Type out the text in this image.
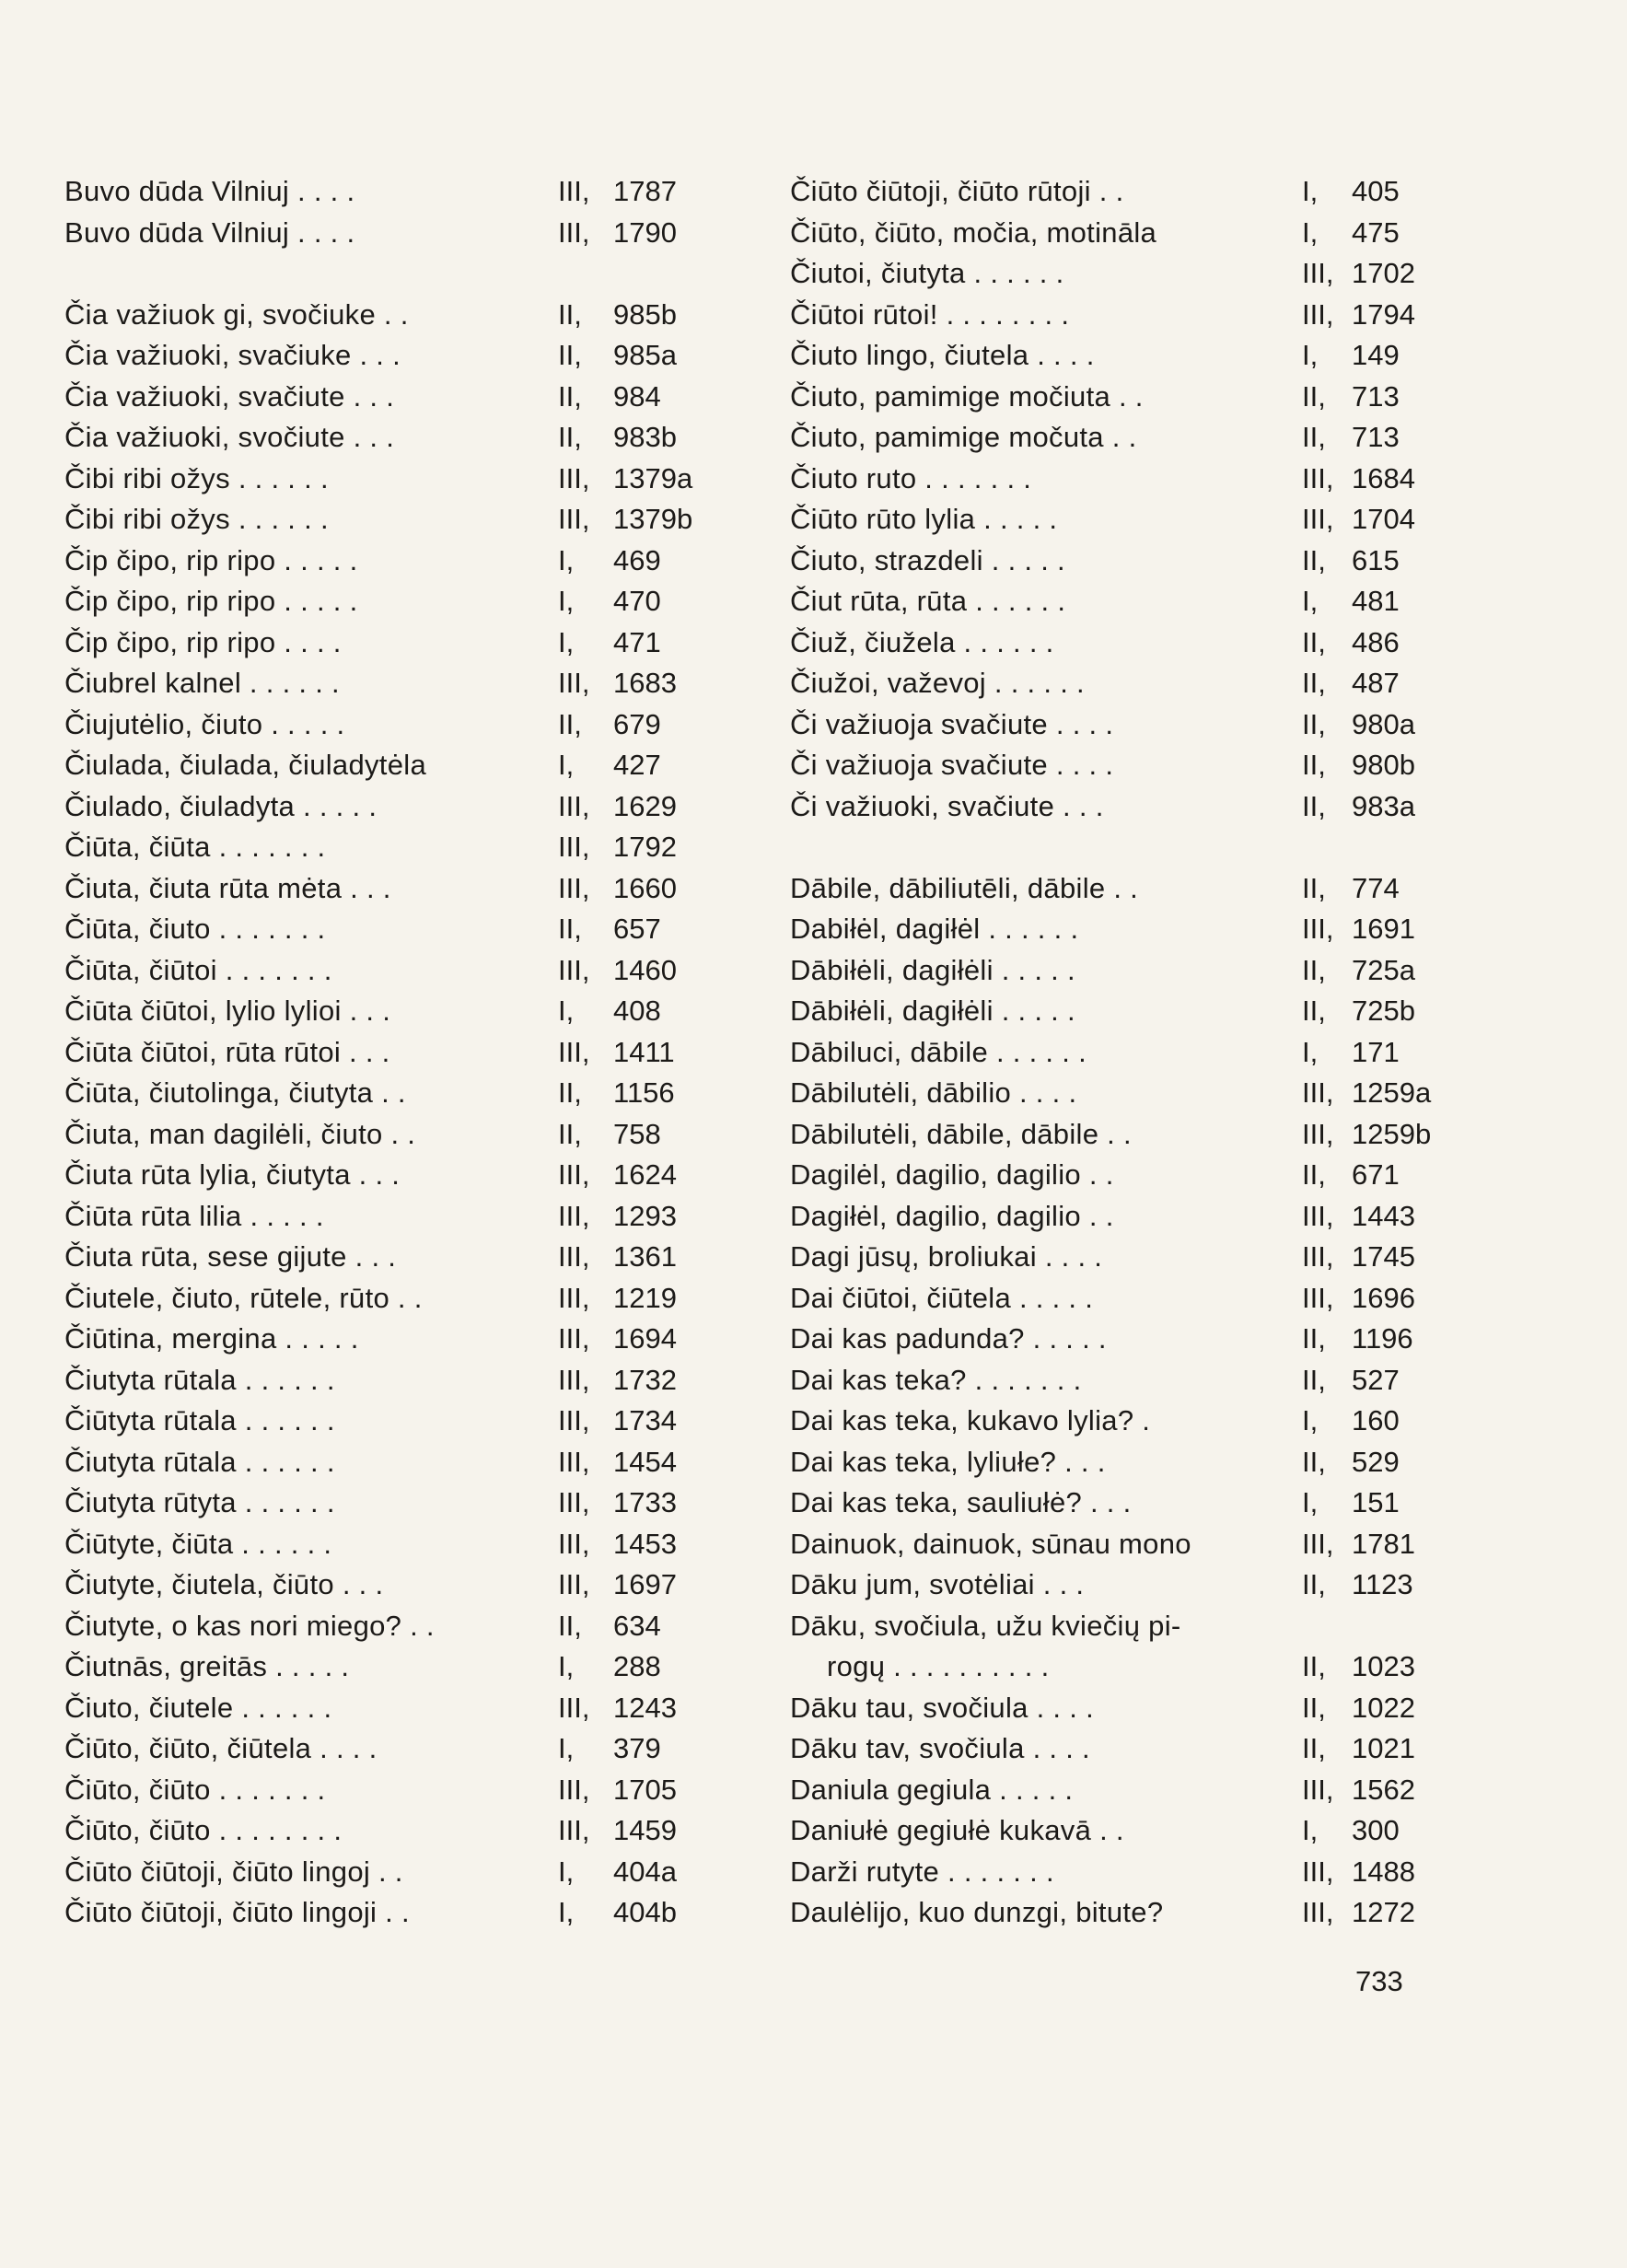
Buvo dūda Vilniuj . . . .	III, 1787
Buvo dūda Vilniuj . . . .	III, 1790
Čia važiuok gi, svočiuke . .	II, 985b
Čia važiuoki, svačiuke . . .	II, 985a
Čia važiuoki, svačiute . . .	II, 984
Čia važiuoki, svočiute . . .	II, 983b
Čibi ribi ožys . . . . . .	III, 1379a
Čibi ribi ožys . . . . . .	III, 1379b
Čip čipo, rip ripo . . . . .	I, 469
Čip čipo, rip ripo . . . . .	I, 470
Čip čipo, rip ripo . . . .	I, 471
Čiubrel kalnel . . . . . .	III, 1683
Čiujutėlio, čiuto . . . . .	II, 679
Čiulada, čiulada, čiuladytėla	I, 427
Čiulado, čiuladyta . . . . .	III, 1629
Čiūta, čiūta . . . . . . .	III, 1792
Čiuta, čiuta rūta mėta . . .	III, 1660
Čiūta, čiuto . . . . . . .	II, 657
Čiūta, čiūtoi . . . . . . .	III, 1460
Čiūta čiūtoi, lylio lylioi . . .	I, 408
Čiūta čiūtoi, rūta rūtoi . . .	III, 1411
Čiūta, čiutolinga, čiutyta . .	II, 1156
Čiuta, man dagilėli, čiuto . .	II, 758
Čiuta rūta lylia, čiutyta . . .	III, 1624
Čiūta rūta lilia . . . . .	III, 1293
Čiuta rūta, sese gijute . . .	III, 1361
Čiutele, čiuto, rūtele, rūto . .	III, 1219
Čiūtina, mergina . . . . .	III, 1694
Čiutyta rūtala . . . . . .	III, 1732
Čiūtyta rūtala . . . . . .	III, 1734
Čiutyta rūtala . . . . . .	III, 1454
Čiutyta rūtyta . . . . . .	III, 1733
Čiūtyte, čiūta . . . . . .	III, 1453
Čiutyte, čiutela, čiūto . . .	III, 1697
Čiutyte, o kas nori miego? . .	II, 634
Čiutnās, greitās . . . . .	I, 288
Čiuto, čiutele . . . . . .	III, 1243
Čiūto, čiūto, čiūtela . . . .	I, 379
Čiūto, čiūto . . . . . . .	III, 1705
Čiūto, čiūto . . . . . . . .	III, 1459
Čiūto čiūtoji, čiūto lingoj . .	I, 404a
Čiūto čiūtoji, čiūto lingoji . .	I, 404b
Čiūto čiūtoji, čiūto rūtoji . .	I, 405
Čiūto, čiūto, močia, motināla	I, 475
Čiutoi, čiutyta . . . . . .	III, 1702
Čiūtoi rūtoi! . . . . . . . .	III, 1794
Čiuto lingo, čiutela . . . .	I, 149
Čiuto, pamimige močiuta . .	II, 713
Čiuto, pamimige močuta . .	II, 713
Čiuto ruto . . . . . . .	III, 1684
Čiūto rūto lylia . . . . .	III, 1704
Čiuto, strazdeli . . . . .	II, 615
Čiut rūta, rūta . . . . . .	I, 481
Čiuž, čiužela . . . . . .	II, 486
Čiužoi, važevoj . . . . . .	II, 487
Či važiuoja svačiute . . . .	II, 980a
Či važiuoja svačiute . . . .	II, 980b
Či važiuoki, svačiute . . .	II, 983a
Dābile, dābiliutēli, dābile . .	II, 774
Dabiłėl, dagiłėl . . . . . .	III, 1691
Dābiłėli, dagiłėli . . . . .	II, 725a
Dābiłėli, dagiłėli . . . . .	II, 725b
Dābiluci, dābile . . . . . .	I, 171
Dābilutėli, dābilio . . . .	III, 1259a
Dābilutėli, dābile, dābile . .	III, 1259b
Dagilėl, dagilio, dagilio . .	II, 671
Dagiłėl, dagilio, dagilio . .	III, 1443
Dagi jūsų, broliukai . . . .	III, 1745
Dai čiūtoi, čiūtela . . . . .	III, 1696
Dai kas padunda? . . . . .	II, 1196
Dai kas teka? . . . . . . .	II, 527
Dai kas teka, kukavo lylia? .	I, 160
Dai kas teka, lyliułe? . . .	II, 529
Dai kas teka, sauliułė? . . .	I, 151
Dainuok, dainuok, sūnau mono	III, 1781
Dāku jum, svotėliai . . .	II, 1123
Dāku, svočiula, užu kviečių pi-
rogų . . . . . . . . . .	II, 1023
Dāku tau, svočiula . . . .	II, 1022
Dāku tav, svočiula . . . .	II, 1021
Daniula gegiula . . . . .	III, 1562
Daniułė gegiułė kukavā . .	I, 300
Darži rutyte . . . . . . .	III, 1488
Daulėlijo, kuo dunzgi, bitute?	III, 1272
733
